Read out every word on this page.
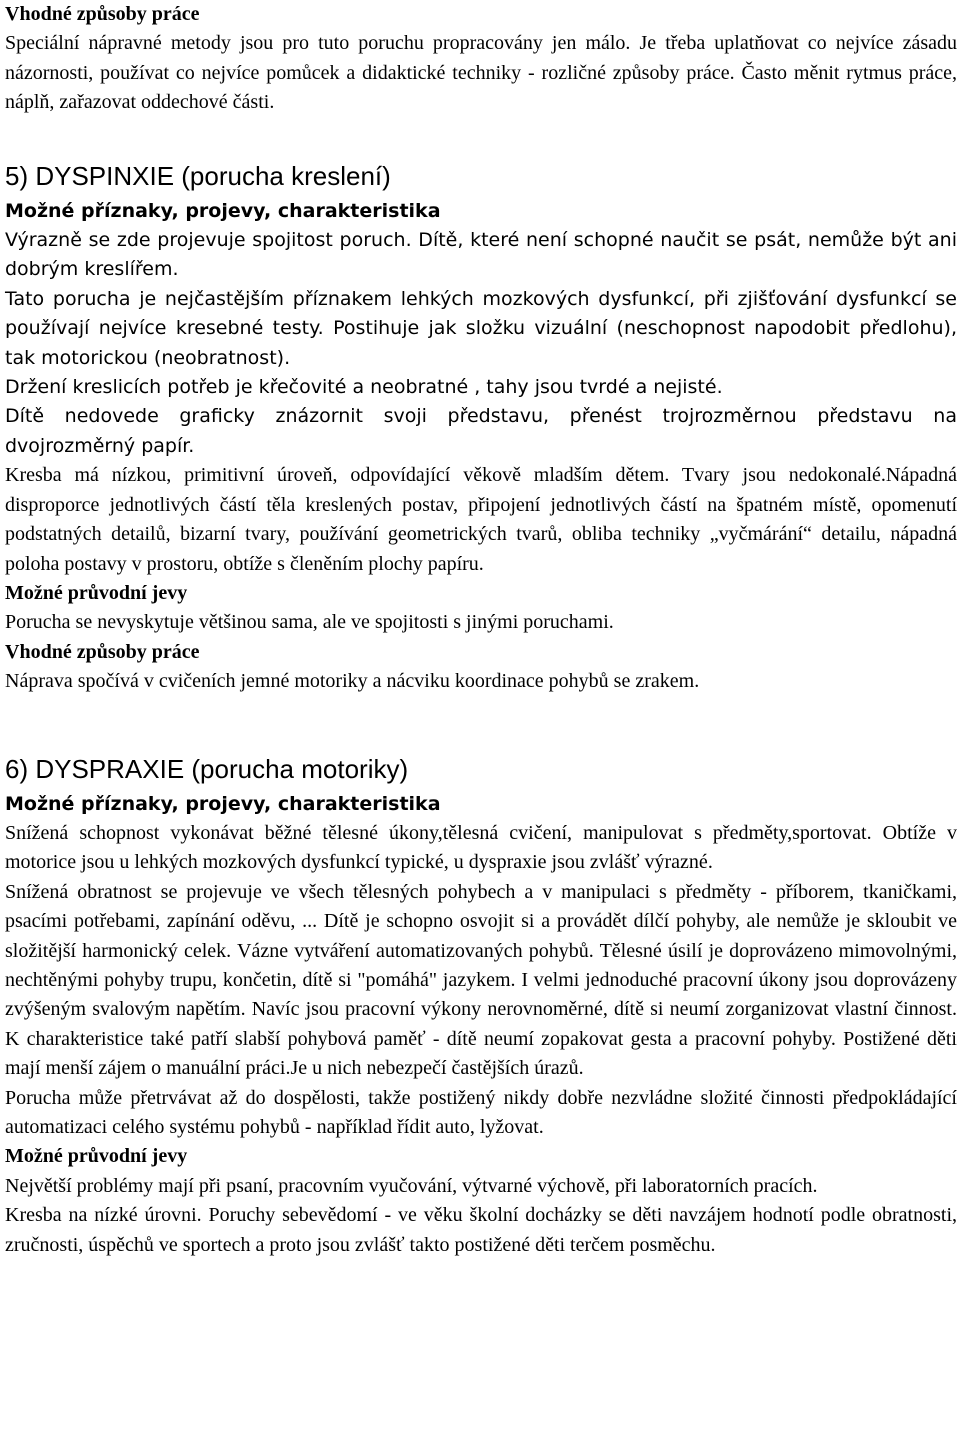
Vhodné způsoby práce

Speciální nápravné metody jsou pro tuto poruchu propracovány jen málo. Je třeba uplatňovat co nejvíce zásadu názornosti, používat co nejvíce pomůcek a didaktické techniky - rozličné způsoby práce. Často měnit rytmus práce, náplň, zařazovat oddechové části.

5) DYSPINXIE (porucha kreslení)

Možné příznaky, projevy, charakteristika

Výrazně se zde projevuje spojitost poruch. Dítě, které není schopné naučit se psát, nemůže být ani dobrým kreslířem.

Tato porucha je nejčastějším příznakem lehkých mozkových dysfunkcí, při zjišťování dysfunkcí se používají nejvíce kresebné testy. Postihuje jak složku vizuální (neschopnost napodobit předlohu), tak motorickou (neobratnost).

Držení kreslicích potřeb je křečovité a neobratné , tahy jsou tvrdé a nejisté.

Dítě nedovede graficky znázornit svoji představu, přenést trojrozměrnou představu na dvojrozměrný papír.

Kresba má nízkou, primitivní úroveň, odpovídající věkově mladším dětem. Tvary jsou nedokonalé.Nápadná disproporce jednotlivých částí těla kreslených postav, připojení jednotlivých částí na špatném místě, opomenutí podstatných detailů, bizarní tvary, používání geometrických tvarů, obliba techniky „vyčmárání“ detailu, nápadná poloha postavy v prostoru, obtíže s členěním plochy papíru.

Možné průvodní jevy

Porucha se nevyskytuje většinou sama, ale ve spojitosti s jinými poruchami.

Vhodné způsoby práce

Náprava spočívá v cvičeních jemné motoriky a nácviku koordinace pohybů se zrakem.

6) DYSPRAXIE (porucha motoriky)

Možné příznaky, projevy, charakteristika

Snížená schopnost vykonávat běžné tělesné úkony,tělesná cvičení, manipulovat s předměty,sportovat. Obtíže v motorice jsou u lehkých mozkových dysfunkcí typické, u dyspraxie jsou zvlášť výrazné.

Snížená obratnost se projevuje ve všech tělesných pohybech a v manipulaci s předměty - příborem, tkaničkami, psacími potřebami, zapínání oděvu, ... Dítě je schopno osvojit si a provádět dílčí pohyby, ale nemůže je skloubit ve složitější harmonický celek. Vázne vytváření automatizovaných pohybů. Tělesné úsilí je doprovázeno mimovolnými, nechtěnými pohyby trupu, končetin, dítě si "pomáhá" jazykem. I velmi jednoduché pracovní úkony jsou doprovázeny zvýšeným svalovým napětím. Navíc jsou pracovní výkony nerovnoměrné, dítě si neumí zorganizovat vlastní činnost. K charakteristice také patří slabší pohybová paměť - dítě neumí zopakovat gesta a pracovní pohyby. Postižené děti mají menší zájem o manuální práci.Je u nich nebezpečí častějších úrazů.

Porucha může přetrvávat až do dospělosti, takže postižený nikdy dobře nezvládne složité činnosti předpokládající automatizaci celého systému pohybů - například řídit auto, lyžovat.

Možné průvodní jevy

Největší problémy mají při psaní, pracovním vyučování, výtvarné výchově, při laboratorních pracích.

Kresba na nízké úrovni. Poruchy sebevědomí - ve věku školní docházky se děti navzájem hodnotí podle obratnosti, zručnosti, úspěchů ve sportech a proto jsou zvlášť takto postižené děti terčem posměchu.
